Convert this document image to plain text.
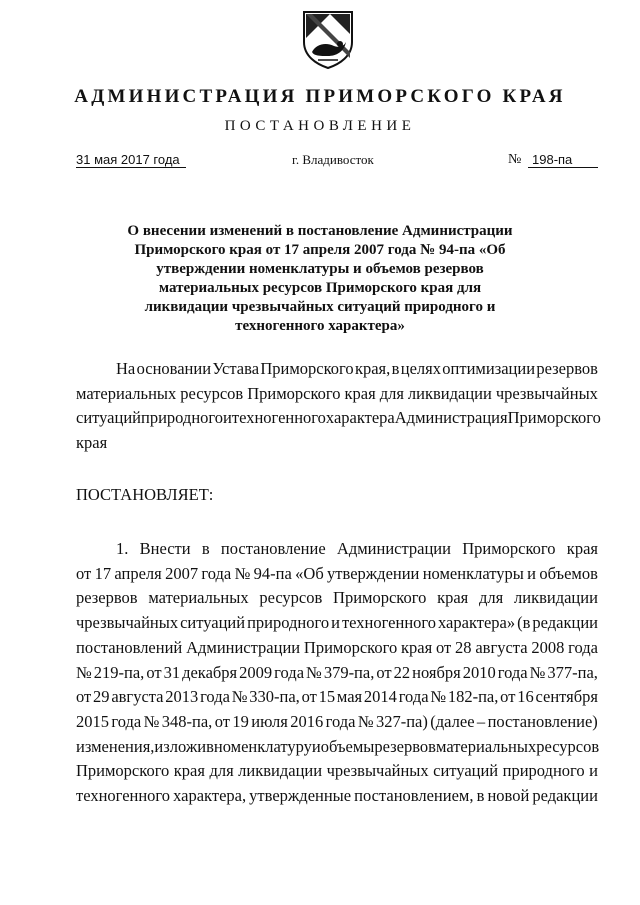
АДМИНИСТРАЦИЯ ПРИМОРСКОГО КРАЯ
ПОСТАНОВЛЕНИЕ
31 мая 2017 года	г. Владивосток	№ 198-па
О внесении изменений в постановление Администрации
Приморского края от 17 апреля 2007 года № 94-па «Об
утверждении номенклатуры и объемов резервов
материальных ресурсов Приморского края для
ликвидации чрезвычайных ситуаций природного и
техногенного характера»
На основании Устава Приморского края, в целях оптимизации резервов
материальных ресурсов Приморского края для ликвидации чрезвычайных
ситуаций природного и техногенного характера Администрация Приморского
края
ПОСТАНОВЛЯЕТ:
1. Внести в постановление Администрации Приморского края
от 17 апреля 2007 года № 94-па «Об утверждении номенклатуры и объемов
резервов материальных ресурсов Приморского края для ликвидации
чрезвычайных ситуаций природного и техногенного характера» (в редакции
постановлений Администрации Приморского края от 28 августа 2008 года
№ 219-па, от 31 декабря 2009 года № 379-па, от 22 ноября 2010 года № 377-па,
от 29 августа 2013 года № 330-па, от 15 мая 2014 года № 182-па, от 16 сентября
2015 года № 348-па, от 19 июля 2016 года № 327-па) (далее – постановление)
изменения, изложив номенклатуру и объемы резервов материальных ресурсов
Приморского края для ликвидации чрезвычайных ситуаций природного и
техногенного характера, утвержденные постановлением, в новой редакции
